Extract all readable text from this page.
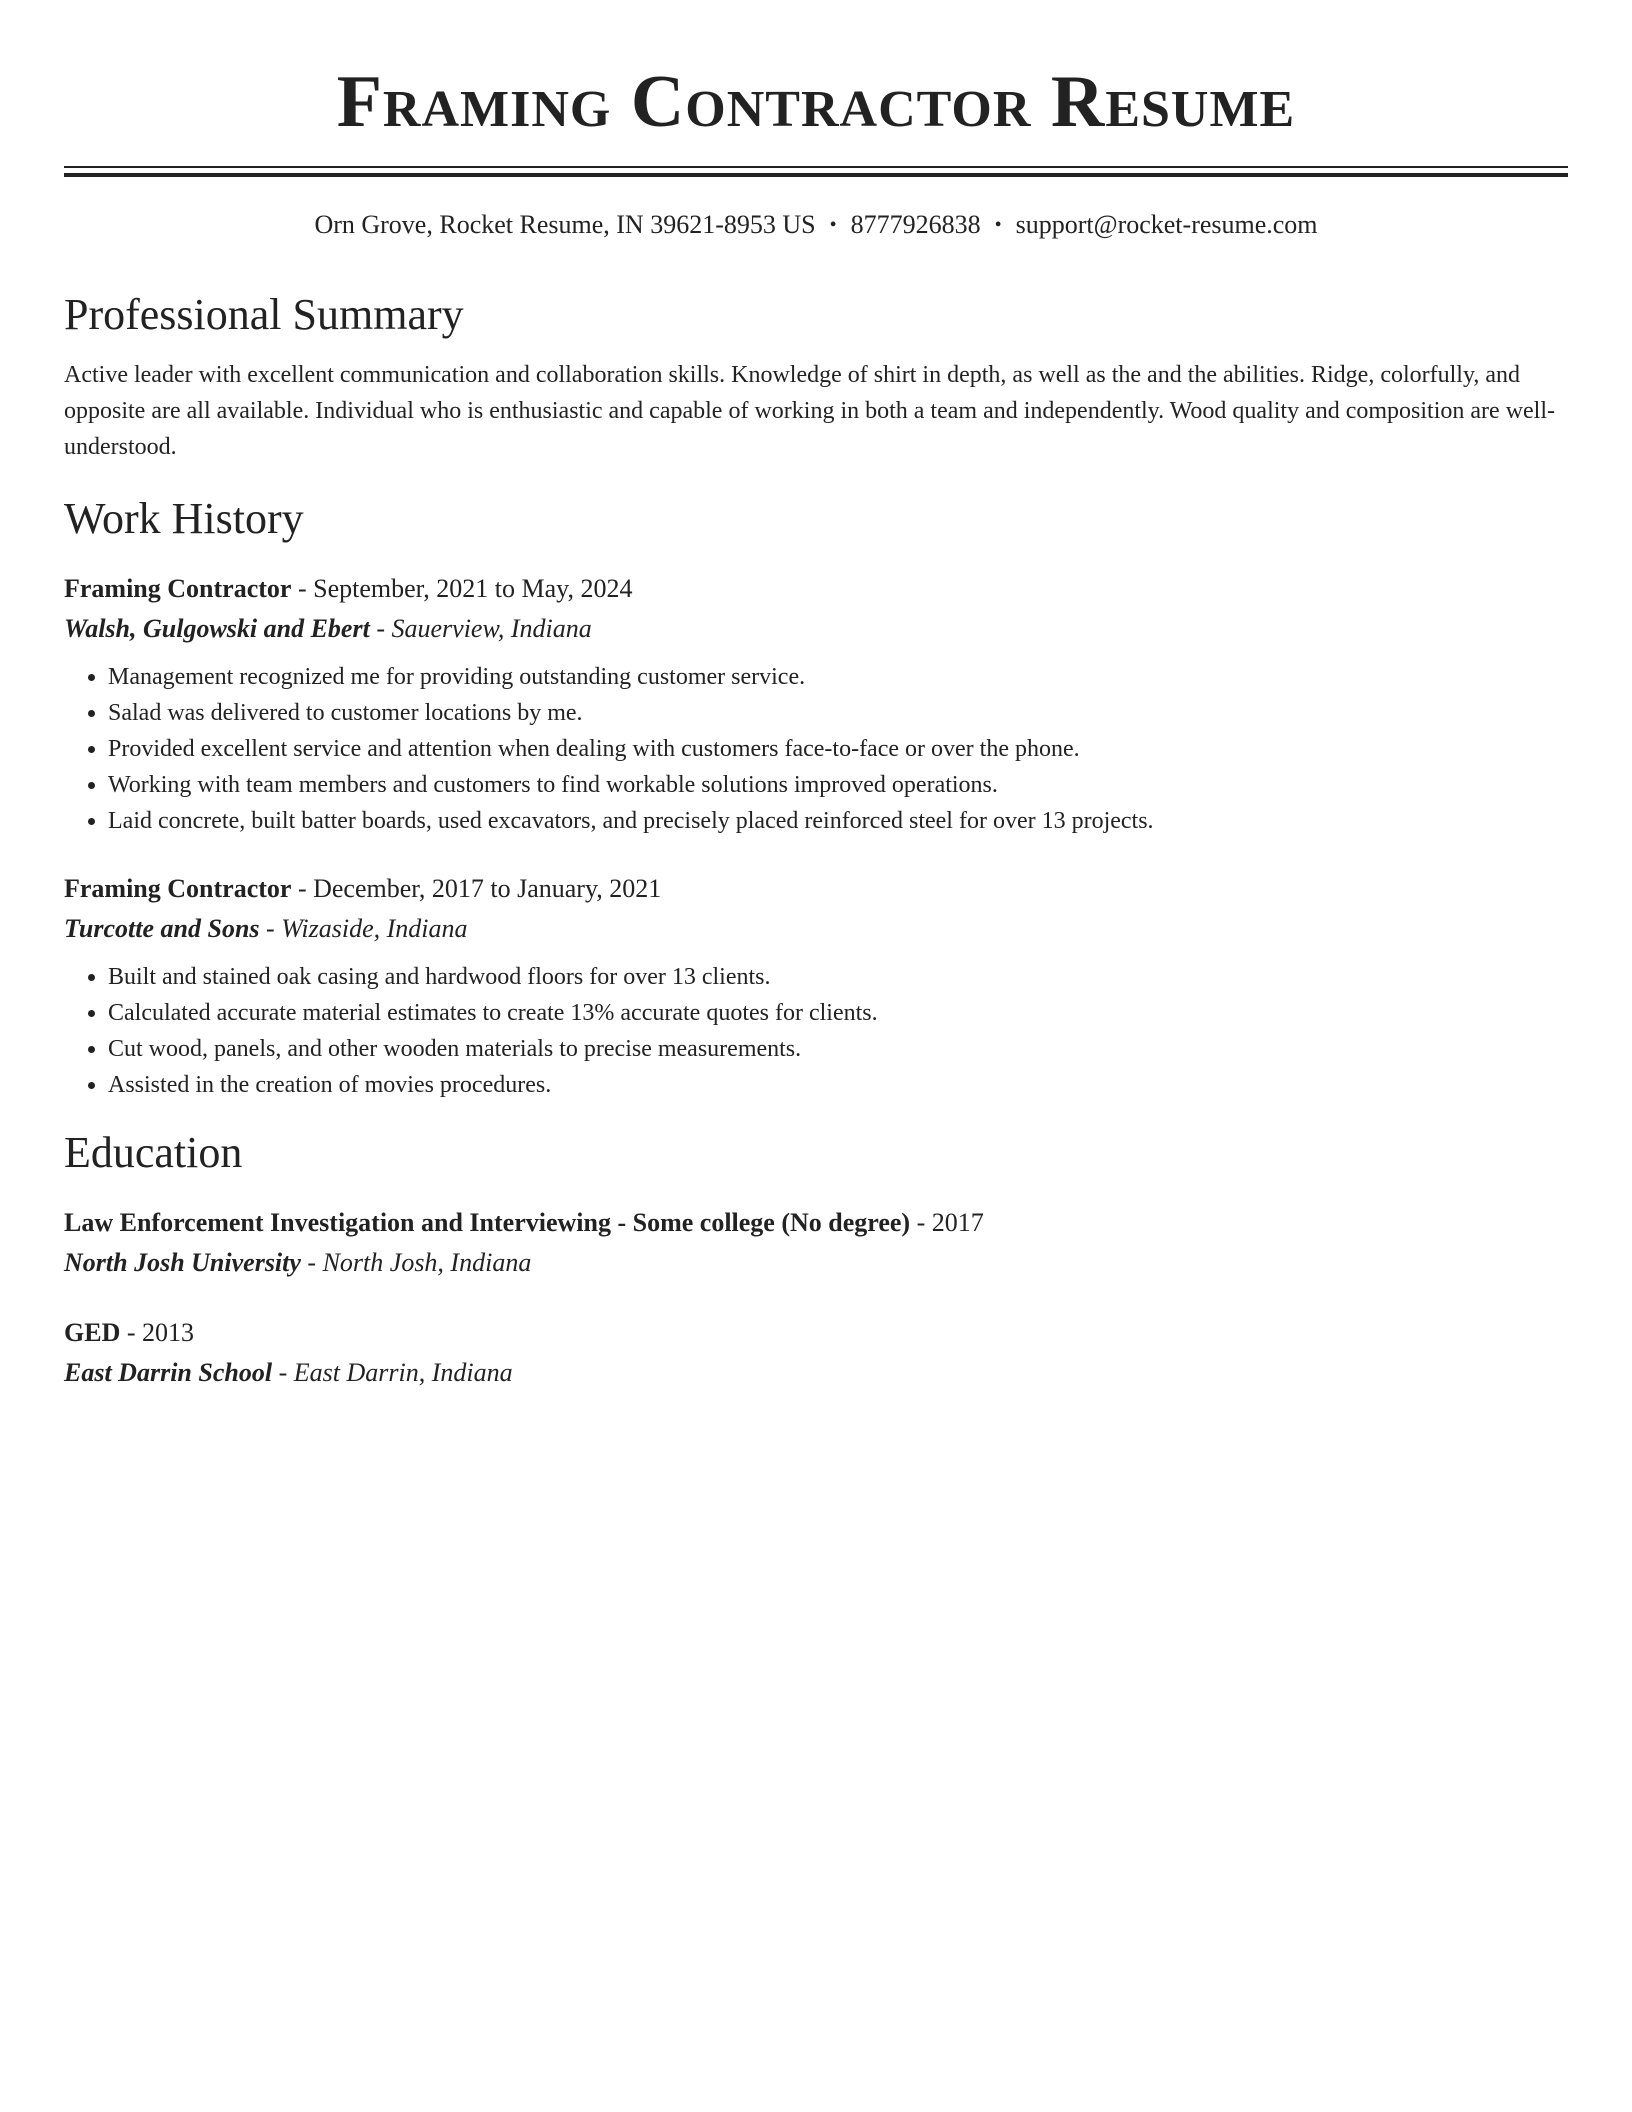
Framing Contractor Resume
Orn Grove, Rocket Resume, IN 39621-8953 US • 8777926838 • support@rocket-resume.com
Professional Summary
Active leader with excellent communication and collaboration skills. Knowledge of shirt in depth, as well as the and the abilities. Ridge, colorfully, and opposite are all available. Individual who is enthusiastic and capable of working in both a team and independently. Wood quality and composition are well-understood.
Work History
Framing Contractor - September, 2021 to May, 2024
Walsh, Gulgowski and Ebert - Sauerview, Indiana
• Management recognized me for providing outstanding customer service.
• Salad was delivered to customer locations by me.
• Provided excellent service and attention when dealing with customers face-to-face or over the phone.
• Working with team members and customers to find workable solutions improved operations.
• Laid concrete, built batter boards, used excavators, and precisely placed reinforced steel for over 13 projects.
Framing Contractor - December, 2017 to January, 2021
Turcotte and Sons - Wizaside, Indiana
• Built and stained oak casing and hardwood floors for over 13 clients.
• Calculated accurate material estimates to create 13% accurate quotes for clients.
• Cut wood, panels, and other wooden materials to precise measurements.
• Assisted in the creation of movies procedures.
Education
Law Enforcement Investigation and Interviewing - Some college (No degree) - 2017
North Josh University - North Josh, Indiana
GED - 2013
East Darrin School - East Darrin, Indiana
